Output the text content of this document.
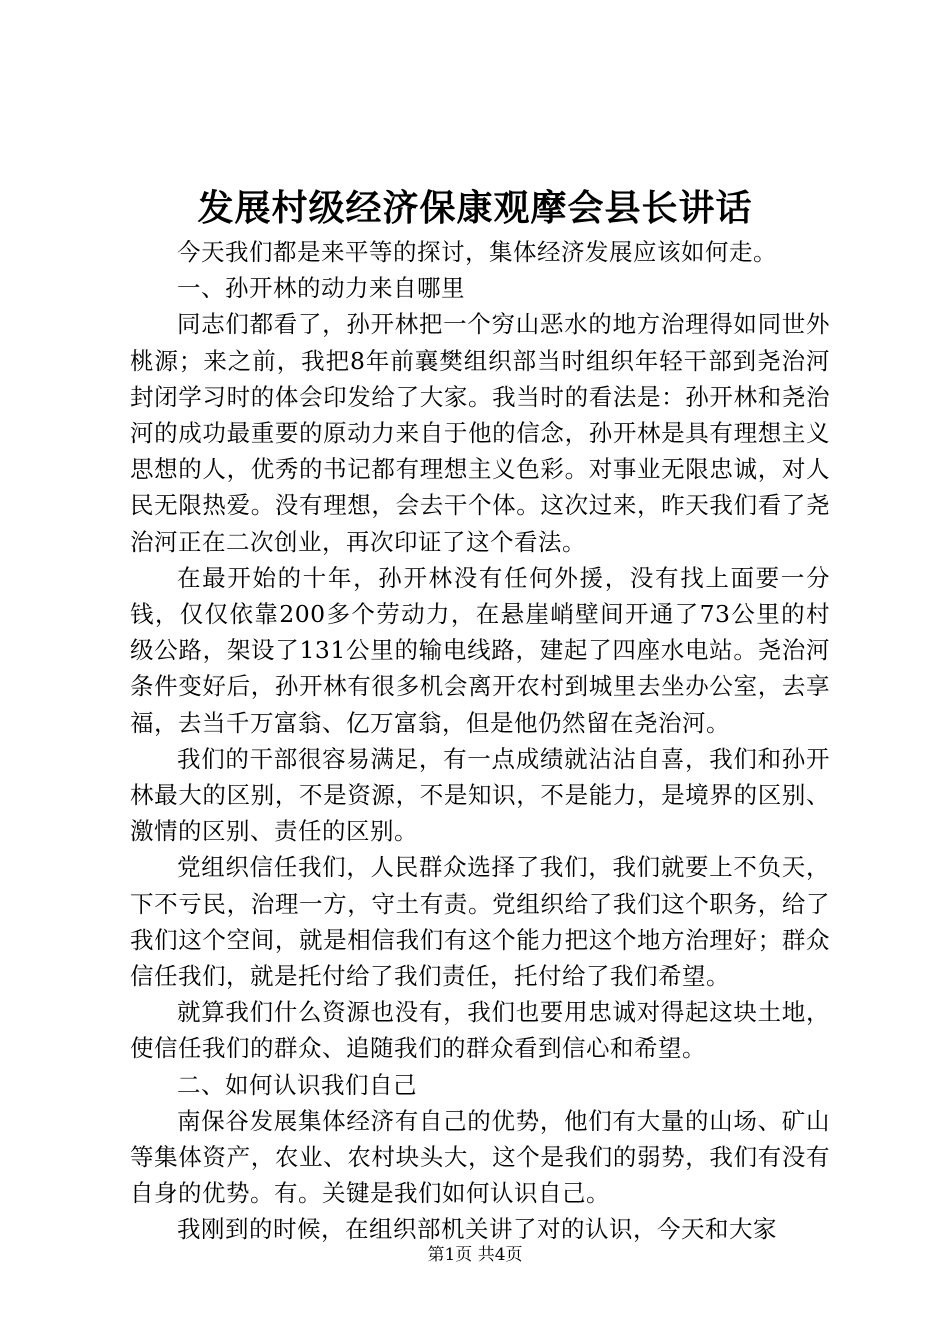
发展村级经济保康观摩会县长讲话

今天我们都是来平等的探讨，集体经济发展应该如何走。

一、孙开林的动力来自哪里

同志们都看了，孙开林把一个穷山恶水的地方治理得如同世外桃源；来之前，我把8年前襄樊组织部当时组织年轻干部到尧治河封闭学习时的体会印发给了大家。我当时的看法是：孙开林和尧治河的成功最重要的原动力来自于他的信念，孙开林是具有理想主义思想的人，优秀的书记都有理想主义色彩。对事业无限忠诚，对人民无限热爱。没有理想，会去干个体。这次过来，昨天我们看了尧治河正在二次创业，再次印证了这个看法。

在最开始的十年，孙开林没有任何外援，没有找上面要一分钱，仅仅依靠200多个劳动力，在悬崖峭壁间开通了73公里的村级公路，架设了131公里的输电线路，建起了四座水电站。尧治河条件变好后，孙开林有很多机会离开农村到城里去坐办公室，去享福，去当千万富翁、亿万富翁，但是他仍然留在尧治河。

我们的干部很容易满足，有一点成绩就沾沾自喜，我们和孙开林最大的区别，不是资源，不是知识，不是能力，是境界的区别、激情的区别、责任的区别。

党组织信任我们，人民群众选择了我们，我们就要上不负天，下不亏民，治理一方，守土有责。党组织给了我们这个职务，给了我们这个空间，就是相信我们有这个能力把这个地方治理好；群众信任我们，就是托付给了我们责任，托付给了我们希望。

就算我们什么资源也没有，我们也要用忠诚对得起这块土地，使信任我们的群众、追随我们的群众看到信心和希望。

二、如何认识我们自己

南保谷发展集体经济有自己的优势，他们有大量的山场、矿山等集体资产，农业、农村块头大，这个是我们的弱势，我们有没有自身的优势。有。关键是我们如何认识自己。

我刚到的时候，在组织部机关讲了对的认识，今天和大家

第1页 共4页
